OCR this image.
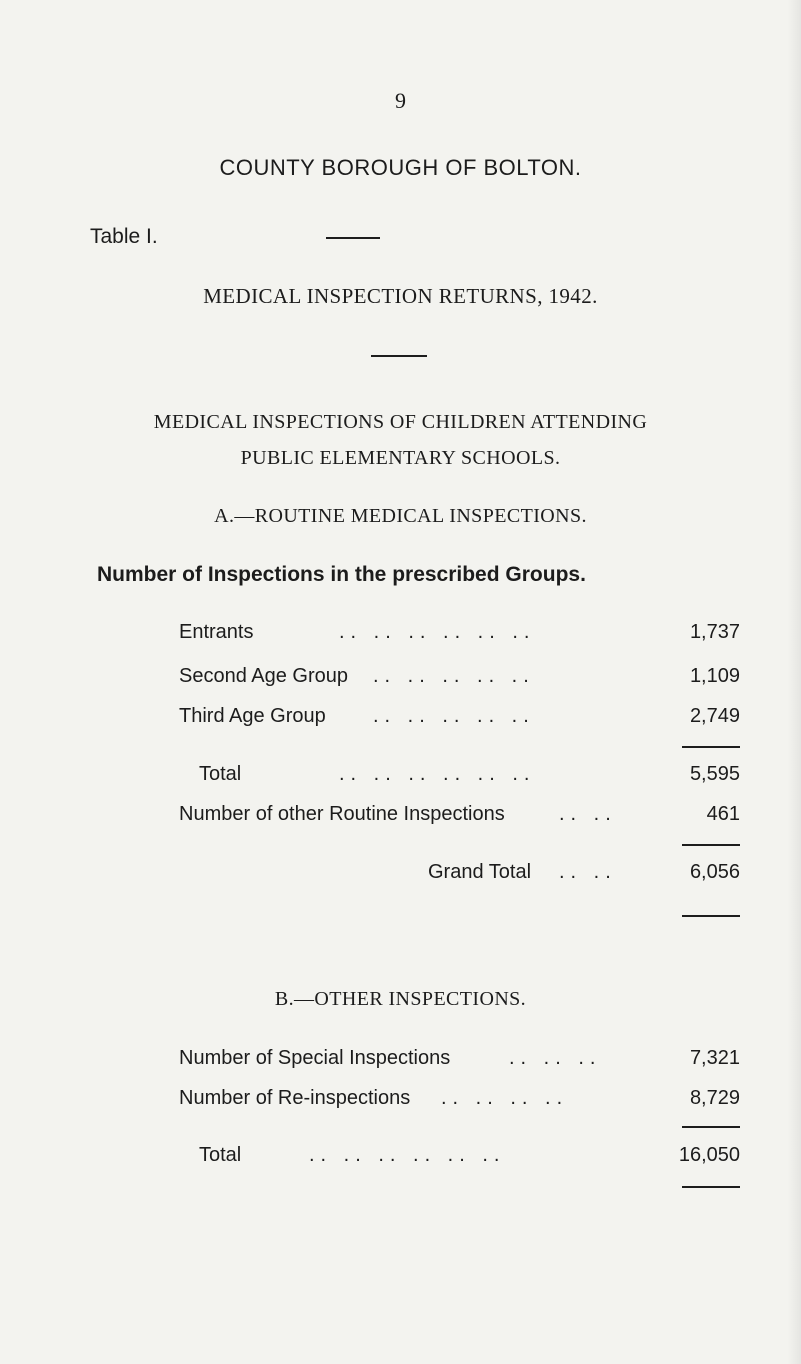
9
COUNTY BOROUGH OF BOLTON.
Table I.
MEDICAL INSPECTION RETURNS, 1942.
MEDICAL INSPECTIONS OF CHILDREN ATTENDING
PUBLIC ELEMENTARY SCHOOLS.
A.—ROUTINE MEDICAL INSPECTIONS.
Number of Inspections in the prescribed Groups.
Entrants	.. .. .. .. .. ..	1,737
Second Age Group .. .. .. .. ..	1,109
Third Age Group .. .. .. .. ..	2,749
Total	.. .. .. .. .. ..	5,595
Number of other Routine Inspections	.. ..	461
Grand Total .. ..	6,056
B.—OTHER INSPECTIONS.
Number of Special Inspections	.. .. ..	7,321
Number of Re-inspections .. .. .. ..	8,729
Total	.. .. .. .. .. ..	16,050
